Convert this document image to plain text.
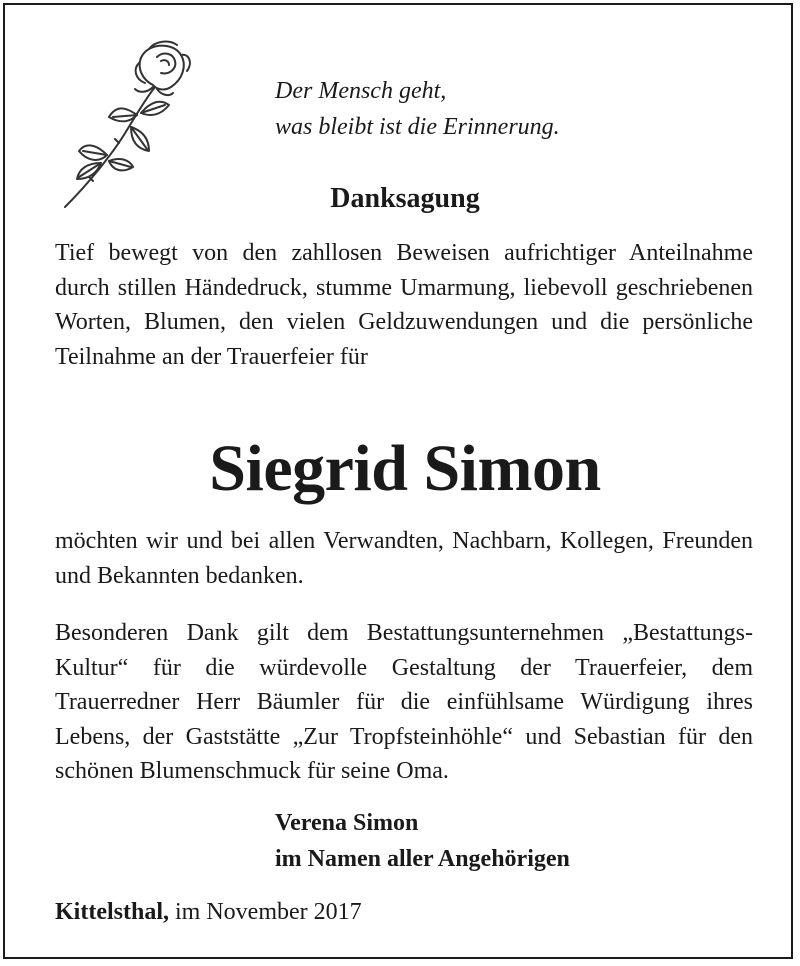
Der Mensch geht,
was bleibt ist die Erinnerung.
Danksagung
Tief bewegt von den zahllosen Beweisen aufrichtiger Anteilnahme durch stillen Händedruck, stumme Umarmung, liebevoll geschriebenen Worten, Blumen, den vielen Geldzuwendungen und die persönliche Teilnahme an der Trauerfeier für
Siegrid Simon
möchten wir und bei allen Verwandten, Nachbarn, Kollegen, Freunden und Bekannten bedanken.
Besonderen Dank gilt dem Bestattungsunternehmen „Bestattungs-Kultur“ für die würdevolle Gestaltung der Trauerfeier, dem Trauerredner Herr Bäumler für die einfühlsame Würdigung ihres Lebens, der Gaststätte „Zur Tropfsteinhöhle“ und Sebastian für den schönen Blumenschmuck für seine Oma.
Verena Simon
im Namen aller Angehörigen
Kittelsthal, im November 2017
